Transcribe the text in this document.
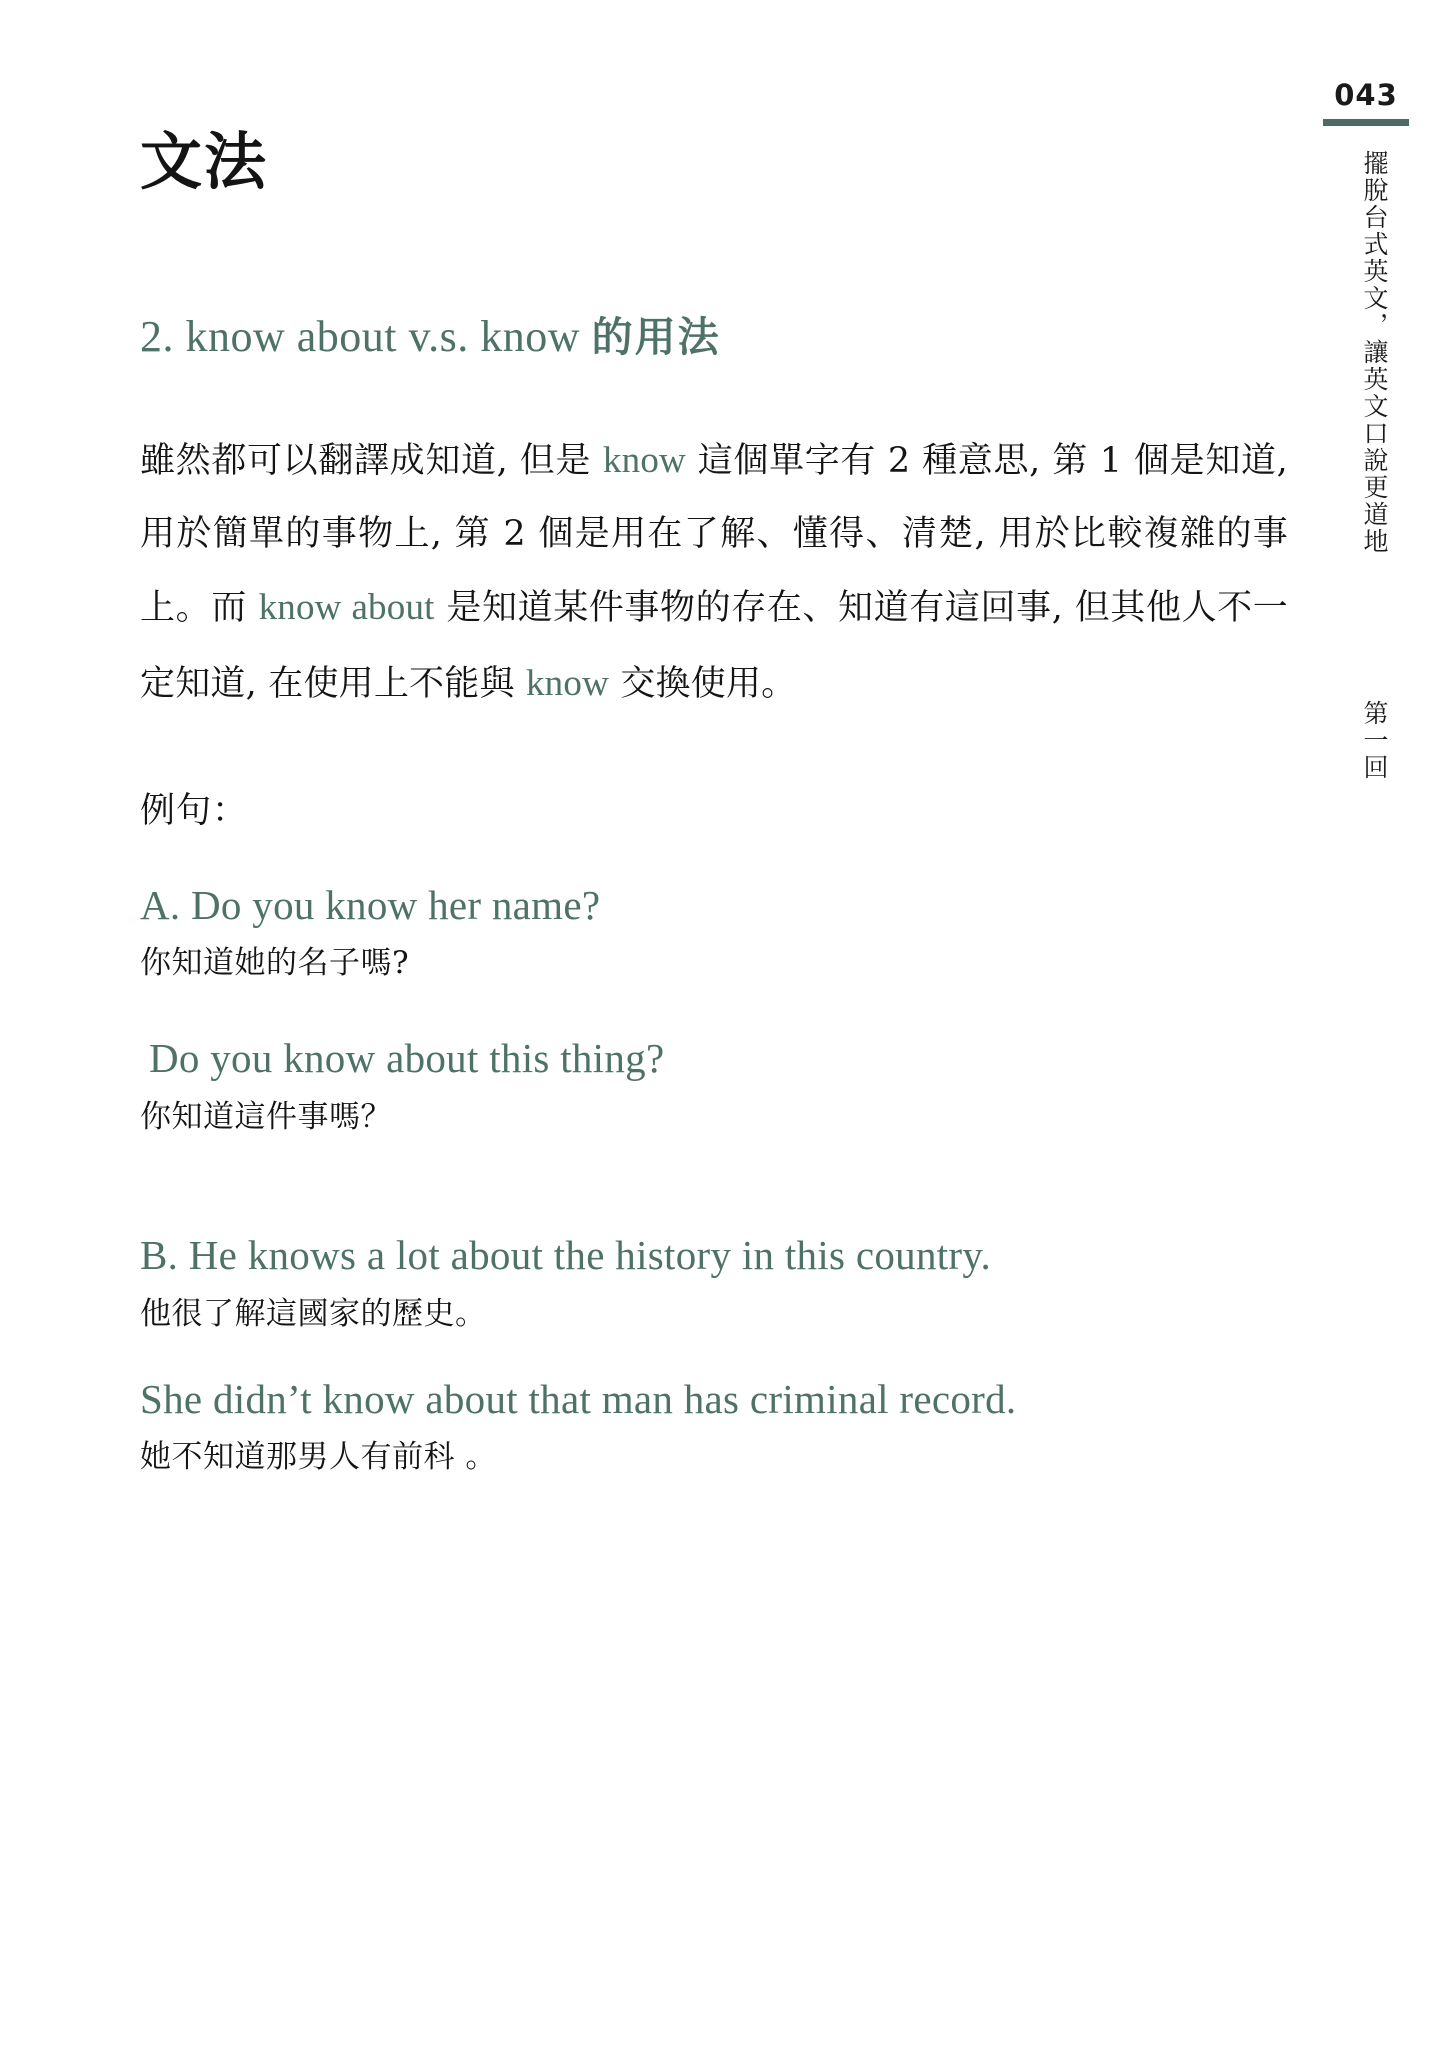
043
擺脫台式英文，讓英文口說更道地
第一回
文法
2. know about v.s. know 的用法

雖然都可以翻譯成知道, 但是 know 這個單字有 2 種意思, 第 1 個是知道, 用於簡單的事物上, 第 2 個是用在了解、懂得、清楚, 用於比較複雜的事上。而 know about 是知道某件事物的存在、知道有這回事, 但其他人不一定知道, 在使用上不能與 know 交換使用。

例句：

A. Do you know her name?

你知道她的名子嗎?

Do you know about this thing?

你知道這件事嗎？

B. He knows a lot about the history in this country.

他很了解這國家的歷史。

She didn’t know about that man has criminal record.

她不知道那男人有前科 。
